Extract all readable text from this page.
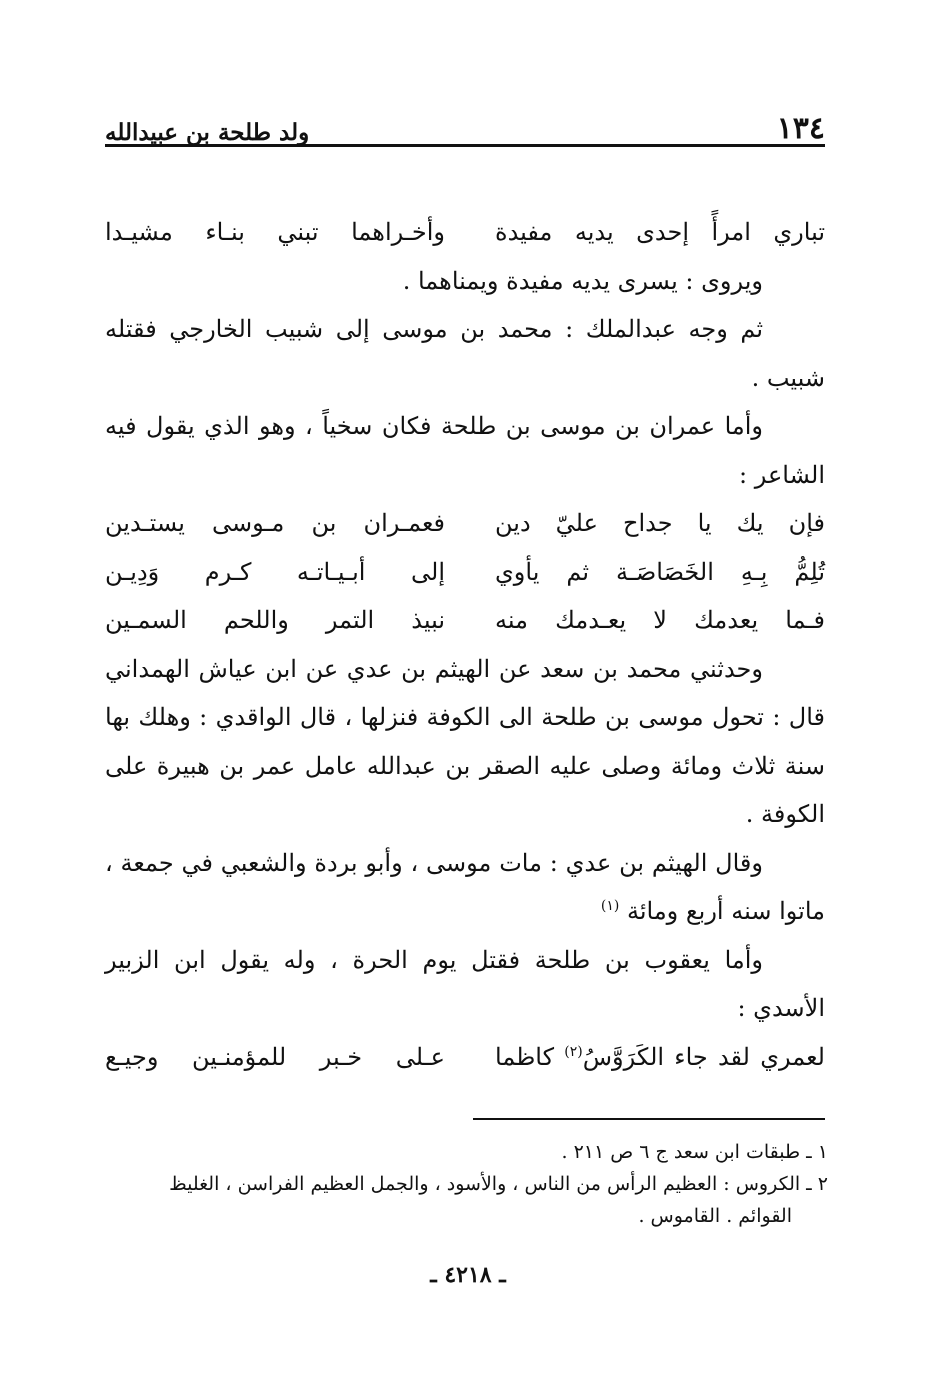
١٣٤
ولد طلحة بن عبيدالله
تباري امرأً إحدى يديه مفيدة
وأخـراهما تبني بنـاء مشيـدا
ويروى : يسرى يديه مفيدة ويمناهما .
ثم وجه عبدالملك : محمد بن موسى إلى شبيب الخارجي فقتله
شبيب .
وأما عمران بن موسى بن طلحة فكان سخياً ، وهو الذي يقول فيه
الشاعر :
فإن يك يا جداح عليّ دين
فعمـران بن مـوسى يستـدين
تُلِمُّ بِـهِ الخَصَاصَـة ثم يأوي
إلى أبـيـاتـه كـرم وَدِيـن
فـما يعدمك لا يعـدمك منه
نبيذ التمر واللحم السمـين
وحدثني محمد بن سعد عن الهيثم بن عدي عن ابن عياش الهمداني
قال : تحول موسى بن طلحة الى الكوفة فنزلها ، قال الواقدي : وهلك بها
سنة ثلاث ومائة وصلى عليه الصقر بن عبدالله عامل عمر بن هبيرة على
الكوفة .
وقال الهيثم بن عدي : مات موسى ، وأبو بردة والشعبي في جمعة ،
ماتوا سنه أربع ومائة $^{(١)}$
وأما يعقوب بن طلحة فقتل يوم الحرة ، وله يقول ابن الزبير
الأسدي :
لعمري لقد جاء الكَرَوَّسُ$^{(٢)}$ كاظما
عـلى خـبر للمؤمنـين وجيـع
١ ـ طبقات ابن سعد ج ٦ ص ٢١١ .
٢ ـ الكروس : العظيم الرأس من الناس ، والأسود ، والجمل العظيم الفراسن ، الغليظ
القوائم . القاموس .
ـ ٤٢١٨ ـ
